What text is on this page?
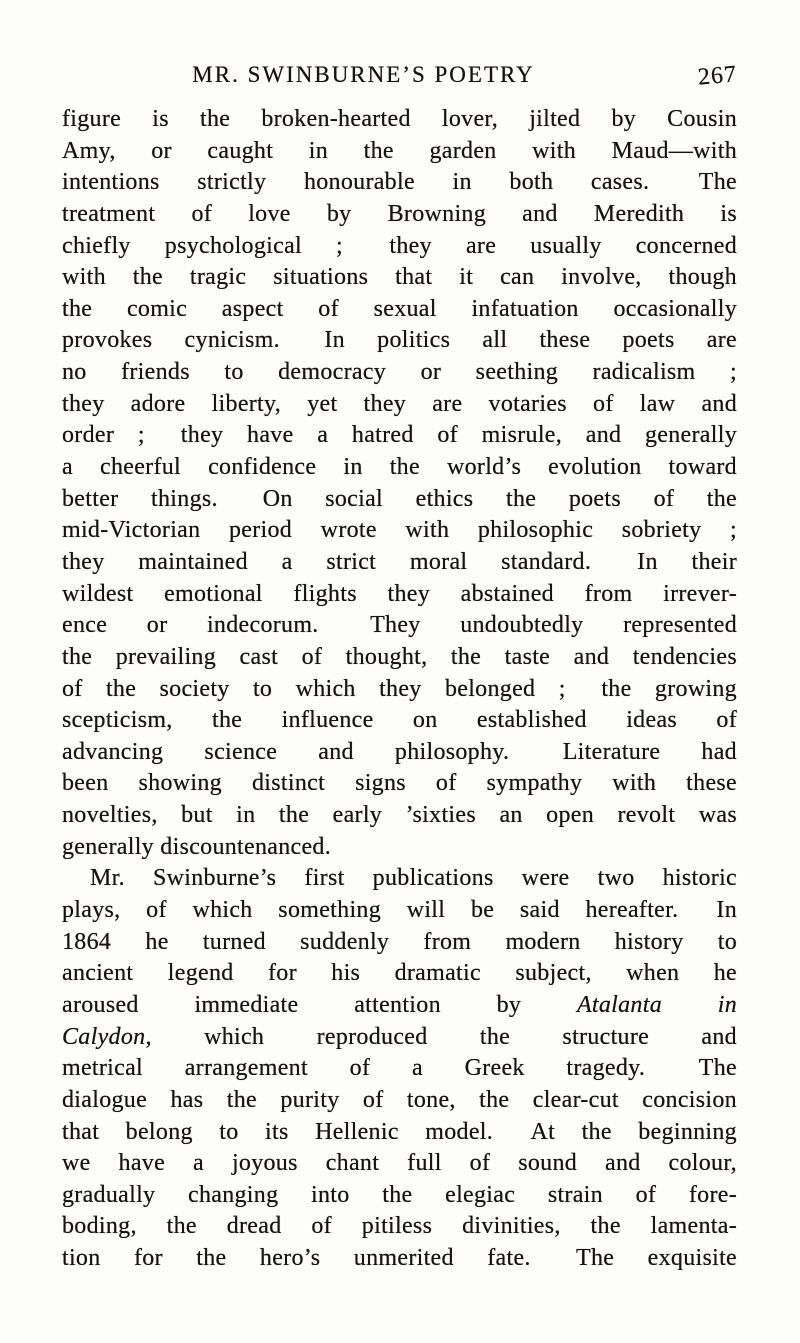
MR. SWINBURNE’S POETRY	267
figure is the broken-hearted lover, jilted by Cousin
Amy, or caught in the garden with Maud—with
intentions strictly honourable in both cases.  The
treatment of love by Browning and Meredith is
chiefly psychological ;  they are usually concerned
with the tragic situations that it can involve, though
the comic aspect of sexual infatuation occasionally
provokes cynicism.  In politics all these poets are
no friends to democracy or seething radicalism ;
they adore liberty, yet they are votaries of law and
order ;  they have a hatred of misrule, and generally
a cheerful confidence in the world’s evolution toward
better things.  On social ethics the poets of the
mid-Victorian period wrote with philosophic sobriety ;
they maintained a strict moral standard.  In their
wildest emotional flights they abstained from irrever-
ence or indecorum.  They undoubtedly represented
the prevailing cast of thought, the taste and tendencies
of the society to which they belonged ;  the growing
scepticism, the influence on established ideas of
advancing science and philosophy.  Literature had
been showing distinct signs of sympathy with these
novelties, but in the early ’sixties an open revolt was
generally discountenanced.
Mr. Swinburne’s first publications were two historic
plays, of which something will be said hereafter.  In
1864 he turned suddenly from modern history to
ancient legend for his dramatic subject, when he
aroused immediate attention by Atalanta in
Calydon, which reproduced the structure and
metrical arrangement of a Greek tragedy.  The
dialogue has the purity of tone, the clear-cut concision
that belong to its Hellenic model.  At the beginning
we have a joyous chant full of sound and colour,
gradually changing into the elegiac strain of fore-
boding, the dread of pitiless divinities, the lamenta-
tion for the hero’s unmerited fate.  The exquisite
